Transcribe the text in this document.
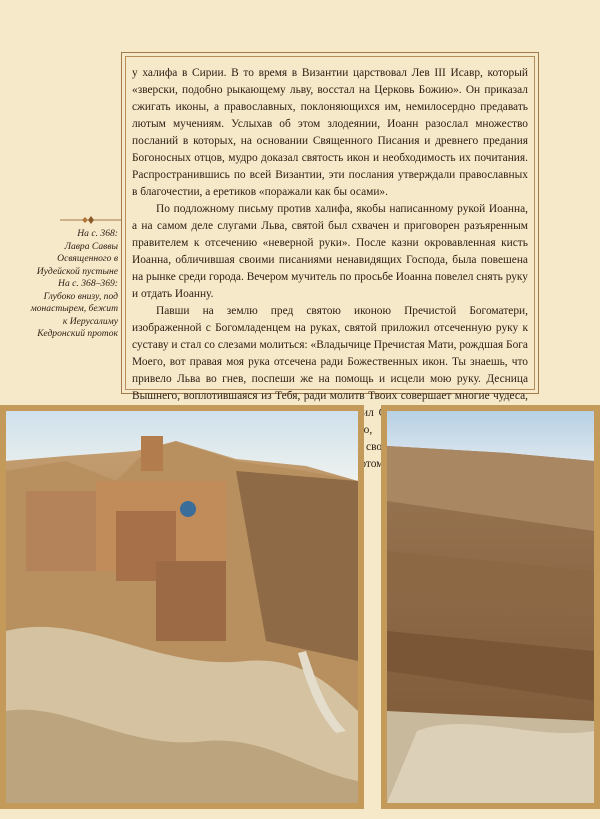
у халифа в Сирии. В то время в Византии царствовал Лев III Исавр, который «зверски, подобно рыкающему льву, восстал на Церковь Божию». Он приказал сжигать иконы, а православных, поклоняющихся им, немилосердно предавать лютым мучениям. Услыхав об этом злодеянии, Иоанн разослал множество посланий в которых, на основании Священного Писания и древнего предания Богоносных отцов, мудро доказал святость икон и необходимость их почитания. Распространившись по всей Византии, эти послания утверждали православных в благочестии, а еретиков «поражали как бы осами».

По подложному письму против халифа, якобы написанному рукой Иоанна, а на самом деле слугами Льва, святой был схвачен и приговорен разъяренным правителем к отсечению «неверной руки». После казни окровавленная кисть Иоанна, обличившая своими писаниями ненавидящих Господа, была повешена на рынке среди города. Вечером мучитель по просьбе Иоанна повелел снять руку и отдать Иоанну.

Павши на землю пред святою иконою Пречистой Богоматери, изображенной с Богомладенцем на руках, святой приложил отсеченную руку к суставу и стал со слезами молиться: «Владычице Пречистая Мати, рождшая Бога Моего, вот правая моя рука отсечена ради Божественных икон. Ты знаешь, что привело Льва во гнев, поспеши же на помощь и исцели мою руку. Десница Вышнего, воплотившаяся из Тебя, ради молитв Твоих совершает многие чудеса, то, потому

На с. 368:

Лавра Саввы Освященного в Иудейской пустыне

На с. 368–369:

Глубоко внизу, под монастырем, бежит к Иерусалиму Кедронский проток
